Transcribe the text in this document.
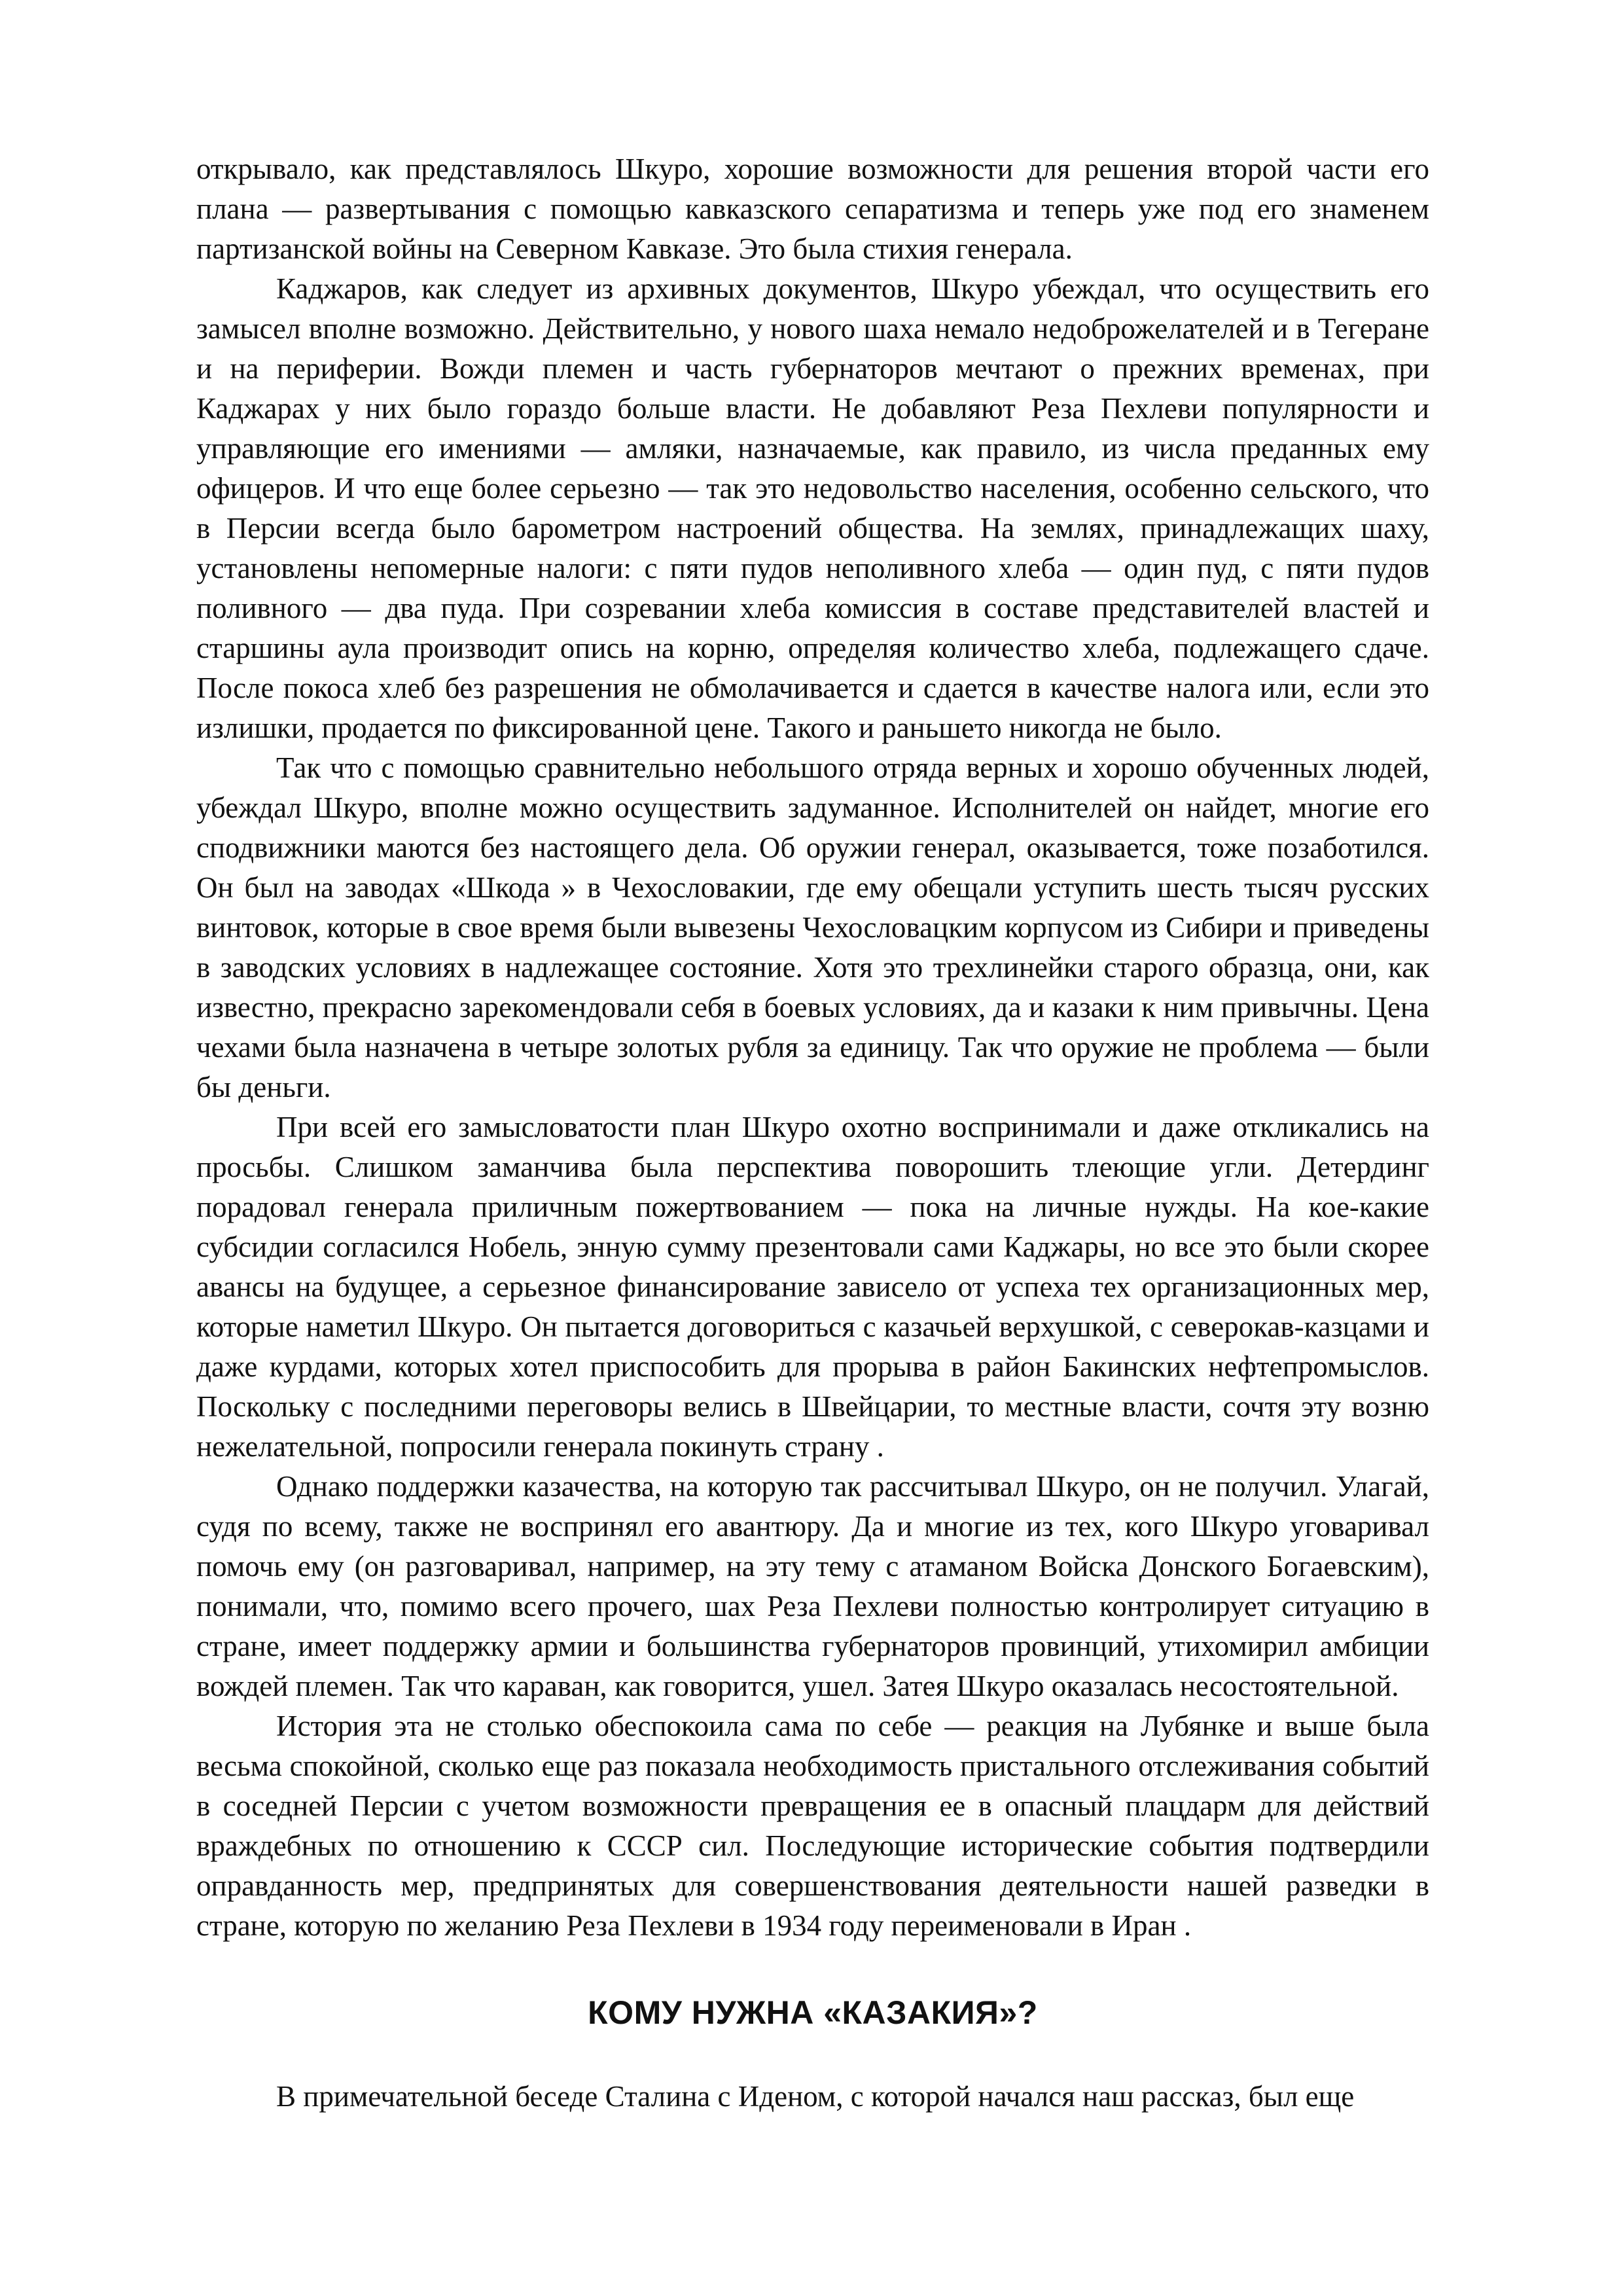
открывало, как представлялось Шкуро, хорошие возможности для решения второй части его плана — развертывания с помощью кавказского сепаратизма и теперь уже под его знаменем партизанской войны на Северном Кавказе. Это была стихия генерала.

Каджаров, как следует из архивных документов, Шкуро убеждал, что осуществить его замысел вполне возможно. Действительно, у нового шаха немало недоброжелателей и в Тегеране и на периферии. Вожди племен и часть губернаторов мечтают о прежних временах, при Каджарах у них было гораздо больше власти. Не добавляют Реза Пехлеви популярности и управляющие его имениями — амляки, назначаемые, как правило, из числа преданных ему офицеров. И что еще более серьезно — так это недовольство населения, особенно сельского, что в Персии всегда было барометром настроений общества. На землях, принадлежащих шаху, установлены непомерные налоги: с пяти пудов неполивного хлеба — один пуд, с пяти пудов поливного — два пуда. При созревании хлеба комиссия в составе представителей властей и старшины аула производит опись на корню, определяя количество хлеба, подлежащего сдаче. После покоса хлеб без разрешения не обмолачивается и сдается в качестве налога или, если это излишки, продается по фиксированной цене. Такого и раньшето никогда не было.

Так что с помощью сравнительно небольшого отряда верных и хорошо обученных людей, убеждал Шкуро, вполне можно осуществить задуманное. Исполнителей он найдет, многие его сподвижники маются без настоящего дела. Об оружии генерал, оказывается, тоже позаботился. Он был на заводах «Шкода » в Чехословакии, где ему обещали уступить шесть тысяч русских винтовок, которые в свое время были вывезены Чехословацким корпусом из Сибири и приведены в заводских условиях в надлежащее состояние. Хотя это трехлинейки старого образца, они, как известно, прекрасно зарекомендовали себя в боевых условиях, да и казаки к ним привычны. Цена чехами была назначена в четыре золотых рубля за единицу. Так что оружие не проблема — были бы деньги.

При всей его замысловатости план Шкуро охотно воспринимали и даже откликались на просьбы. Слишком заманчива была перспектива поворошить тлеющие угли. Детердинг порадовал генерала приличным пожертвованием — пока на личные нужды. На кое-какие субсидии согласился Нобель, энную сумму презентовали сами Каджары, но все это были скорее авансы на будущее, а серьезное финансирование зависело от успеха тех организационных мер, которые наметил Шкуро. Он пытается договориться с казачьей верхушкой, с северокав-казцами и даже курдами, которых хотел приспособить для прорыва в район Бакинских нефтепромыслов. Поскольку с последними переговоры велись в Швейцарии, то местные власти, сочтя эту возню нежелательной, попросили генерала покинуть страну .

Однако поддержки казачества, на которую так рассчитывал Шкуро, он не получил. Улагай, судя по всему, также не воспринял его авантюру. Да и многие из тех, кого Шкуро уговаривал помочь ему (он разговаривал, например, на эту тему с атаманом Войска Донского Богаевским), понимали, что, помимо всего прочего, шах Реза Пехлеви полностью контролирует ситуацию в стране, имеет поддержку армии и большинства губернаторов провинций, утихомирил амбиции вождей племен. Так что караван, как говорится, ушел. Затея Шкуро оказалась несостоятельной.

История эта не столько обеспокоила сама по себе — реакция на Лубянке и выше была весьма спокойной, сколько еще раз показала необходимость пристального отслеживания событий в соседней Персии с учетом возможности превращения ее в опасный плацдарм для действий враждебных по отношению к СССР сил. Последующие исторические события подтвердили оправданность мер, предпринятых для совершенствования деятельности нашей разведки в стране, которую по желанию Реза Пехлеви в 1934 году переименовали в Иран .

КОМУ НУЖНА «КАЗАКИЯ»?

В примечательной беседе Сталина с Иденом, с которой начался наш рассказ, был еще
